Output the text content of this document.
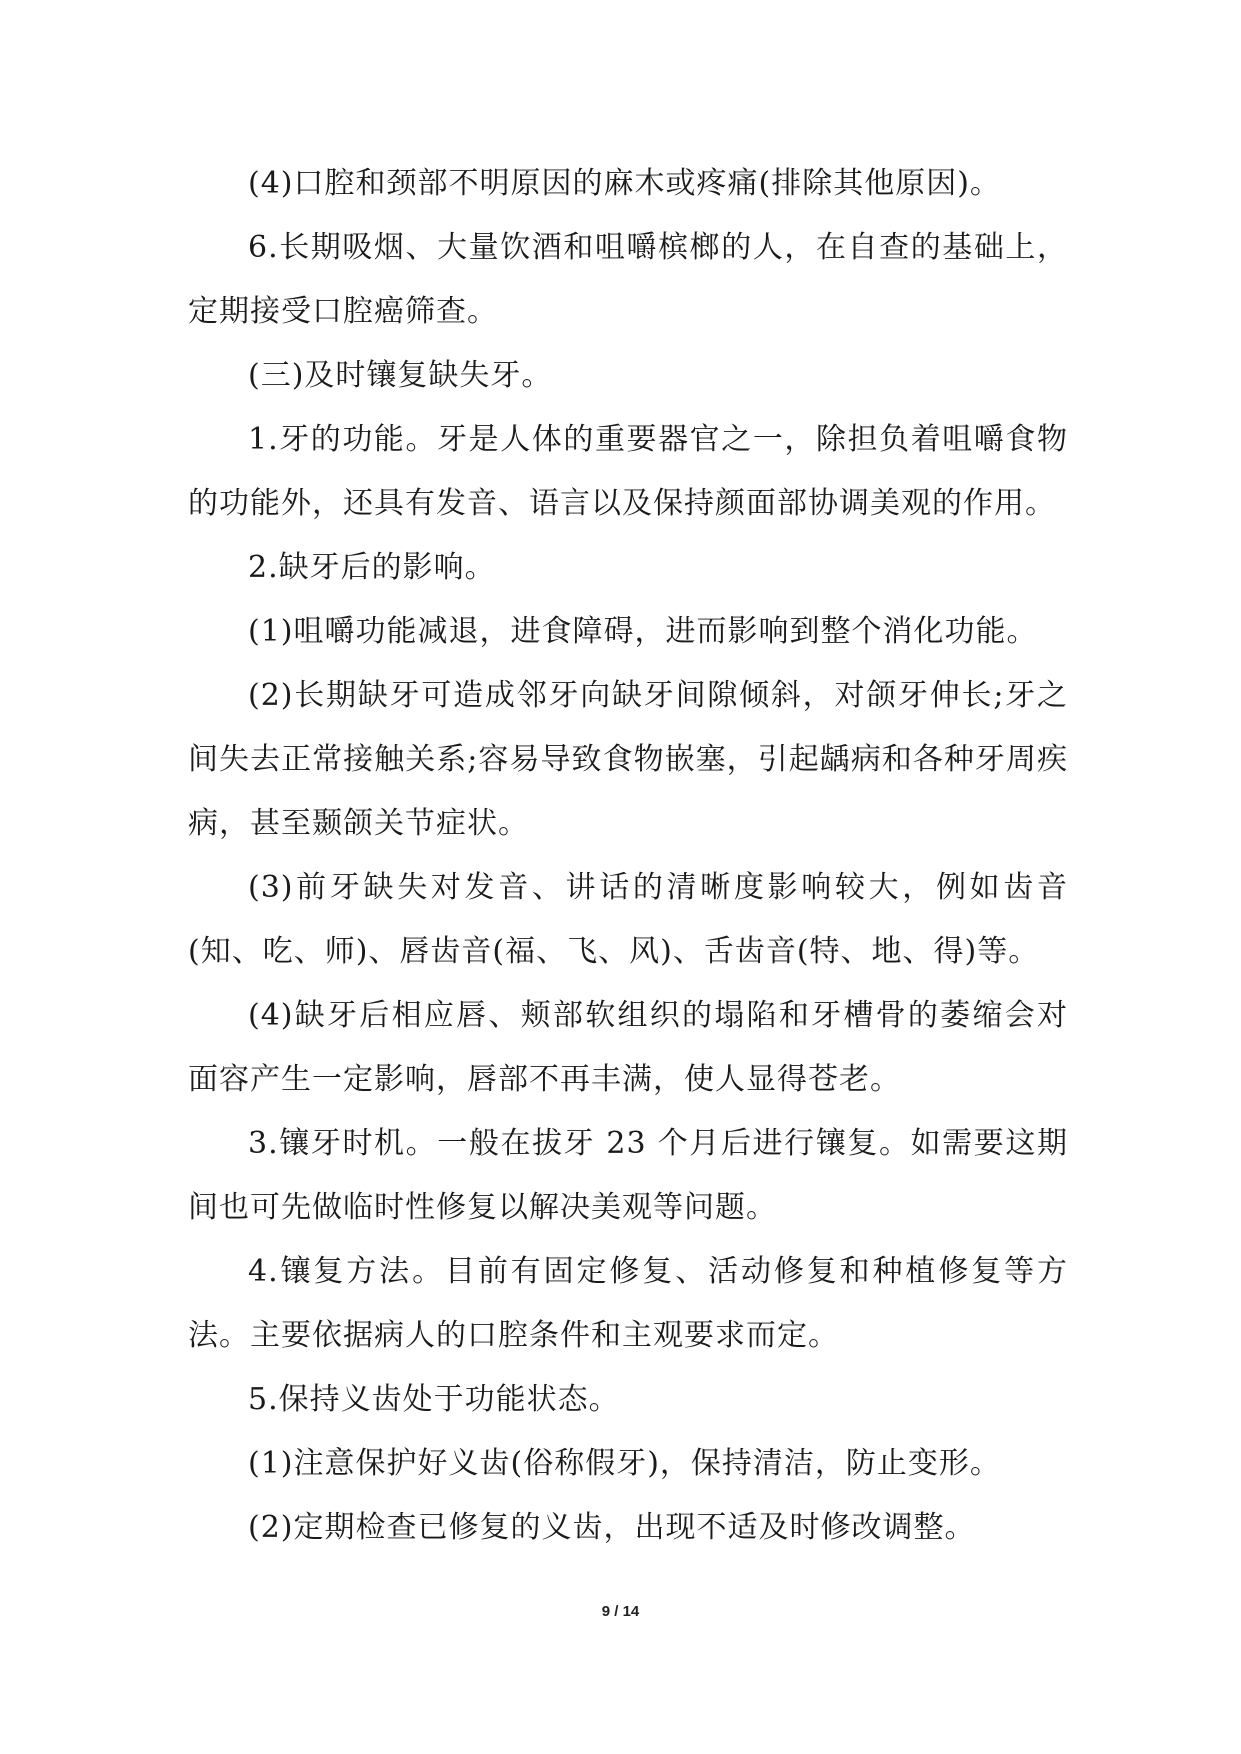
(4)口腔和颈部不明原因的麻木或疼痛(排除其他原因)。

6.长期吸烟、大量饮酒和咀嚼槟榔的人，在自查的基础上，定期接受口腔癌筛查。

(三)及时镶复缺失牙。

1.牙的功能。牙是人体的重要器官之一，除担负着咀嚼食物的功能外，还具有发音、语言以及保持颜面部协调美观的作用。

2.缺牙后的影响。

(1)咀嚼功能减退，进食障碍，进而影响到整个消化功能。

(2)长期缺牙可造成邻牙向缺牙间隙倾斜，对颌牙伸长;牙之间失去正常接触关系;容易导致食物嵌塞，引起龋病和各种牙周疾病，甚至颞颌关节症状。

(3)前牙缺失对发音、讲话的清晰度影响较大，例如齿音(知、吃、师)、唇齿音(福、飞、风)、舌齿音(特、地、得)等。

(4)缺牙后相应唇、颊部软组织的塌陷和牙槽骨的萎缩会对面容产生一定影响，唇部不再丰满，使人显得苍老。

3.镶牙时机。一般在拔牙 23 个月后进行镶复。如需要这期间也可先做临时性修复以解决美观等问题。

4.镶复方法。目前有固定修复、活动修复和种植修复等方法。主要依据病人的口腔条件和主观要求而定。

5.保持义齿处于功能状态。

(1)注意保护好义齿(俗称假牙)，保持清洁，防止变形。

(2)定期检查已修复的义齿，出现不适及时修改调整。

9 / 14
